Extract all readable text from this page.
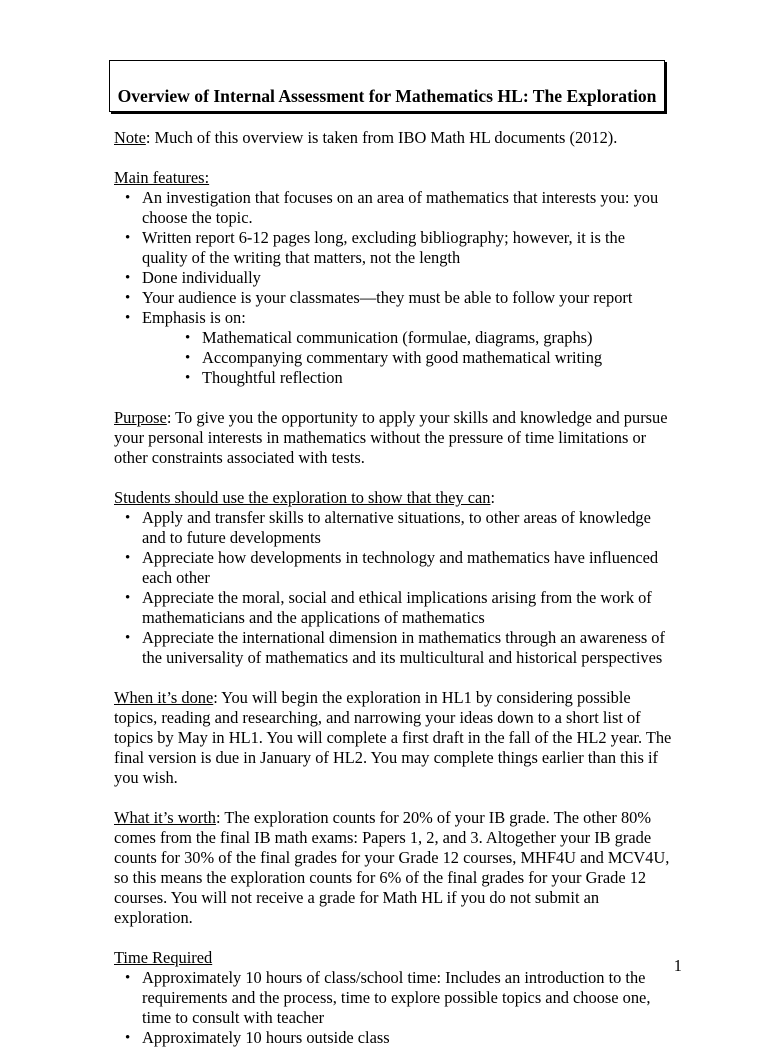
Overview of Internal Assessment for Mathematics HL: The Exploration

Note: Much of this overview is taken from IBO Math HL documents (2012).

Main features:

• An investigation that focuses on an area of mathematics that interests you: you choose the topic.
• Written report 6-12 pages long, excluding bibliography; however, it is the quality of the writing that matters, not the length
• Done individually
• Your audience is your classmates—they must be able to follow your report
• Emphasis is on:
• Mathematical communication (formulae, diagrams, graphs)
• Accompanying commentary with good mathematical writing
• Thoughtful reflection

Purpose: To give you the opportunity to apply your skills and knowledge and pursue your personal interests in mathematics without the pressure of time limitations or other constraints associated with tests.

Students should use the exploration to show that they can:

• Apply and transfer skills to alternative situations, to other areas of knowledge and to future developments
• Appreciate how developments in technology and mathematics have influenced each other
• Appreciate the moral, social and ethical implications arising from the work of mathematicians and the applications of mathematics
• Appreciate the international dimension in mathematics through an awareness of the universality of mathematics and its multicultural and historical perspectives

When it’s done: You will begin the exploration in HL1 by considering possible topics, reading and researching, and narrowing your ideas down to a short list of topics by May in HL1. You will complete a first draft in the fall of the HL2 year. The final version is due in January of HL2. You may complete things earlier than this if you wish.

What it’s worth: The exploration counts for 20% of your IB grade. The other 80% comes from the final IB math exams: Papers 1, 2, and 3. Altogether your IB grade counts for 30% of the final grades for your Grade 12 courses, MHF4U and MCV4U, so this means the exploration counts for 6% of the final grades for your Grade 12 courses. You will not receive a grade for Math HL if you do not submit an exploration.

Time Required

• Approximately 10 hours of class/school time: Includes an introduction to the requirements and the process, time to explore possible topics and choose one, time to consult with teacher
• Approximately 10 hours outside class
1
